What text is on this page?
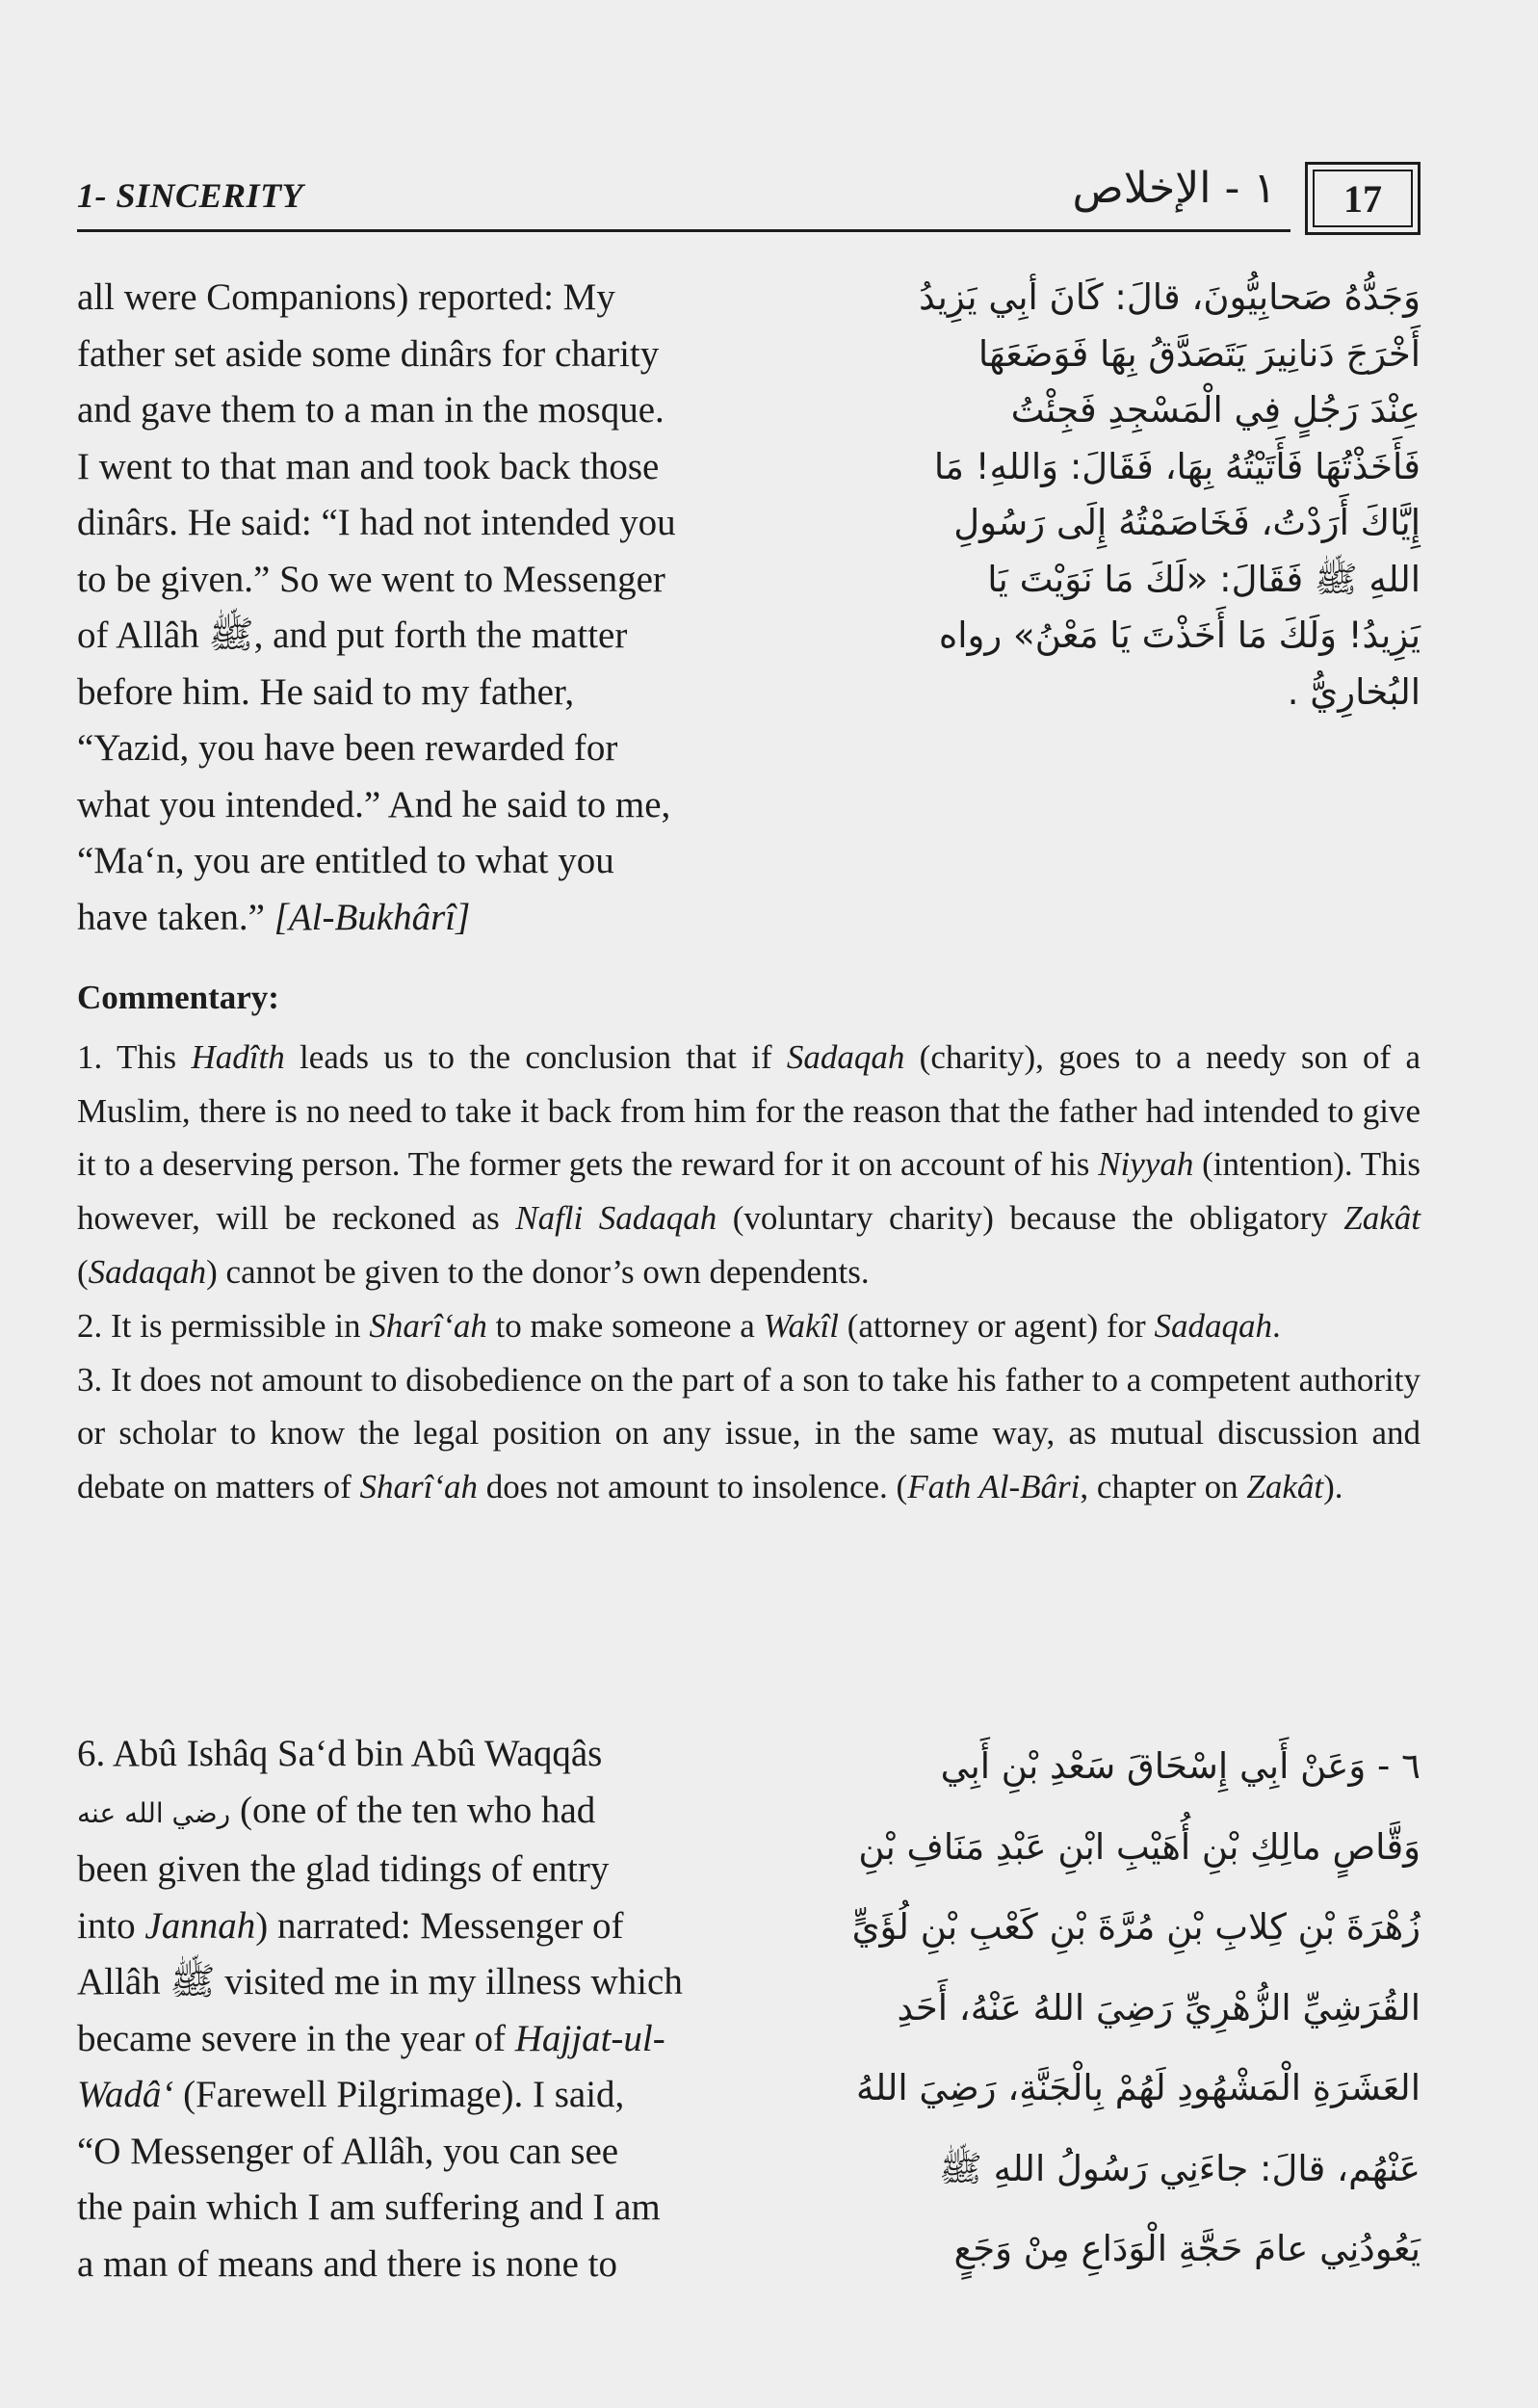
1- SINCERITY	١ - الإخلاص	17

all were Companions) reported: My

father set aside some dinârs for charity

and gave them to a man in the mosque.

I went to that man and took back those

dinârs. He said: “I had not intended you

to be given.” So we went to Messenger

of Allâh ﷺ, and put forth the matter

before him. He said to my father,

“Yazid, you have been rewarded for

what you intended.” And he said to me,

“Ma‘n, you are entitled to what you

have taken.” [Al-Bukhârî]

وَجَدُّهُ صَحابِيُّونَ، قالَ: كَانَ أبِي يَزِيدُ
أَخْرَجَ دَنانِيرَ يَتَصَدَّقُ بِهَا فَوَضَعَهَا
عِنْدَ رَجُلٍ فِي الْمَسْجِدِ فَجِئْتُ
فَأَخَذْتُهَا فَأَتَيْتُهُ بِهَا، فَقَالَ: وَاللهِ! مَا
إِيَّاكَ أَرَدْتُ، فَخَاصَمْتُهُ إِلَى رَسُولِ
اللهِ ﷺ فَقَالَ: «لَكَ مَا نَوَيْتَ يَا
يَزِيدُ! وَلَكَ مَا أَخَذْتَ يَا مَعْنُ» رواه
البُخارِيُّ .

Commentary:

1. This Hadîth leads us to the conclusion that if Sadaqah (charity), goes to a needy son of a Muslim, there is no need to take it back from him for the reason that the father had intended to give it to a deserving person. The former gets the reward for it on account of his Niyyah (intention). This however, will be reckoned as Nafli Sadaqah (voluntary charity) because the obligatory Zakât (Sadaqah) cannot be given to the donor’s own dependents.

2. It is permissible in Sharî‘ah to make someone a Wakîl (attorney or agent) for Sadaqah.

3. It does not amount to disobedience on the part of a son to take his father to a competent authority or scholar to know the legal position on any issue, in the same way, as mutual discussion and debate on matters of Sharî‘ah does not amount to insolence. (Fath Al-Bâri, chapter on Zakât).

6. Abû Ishâq Sa‘d bin Abû Waqqâs

رضي الله عنه (one of the ten who had

been given the glad tidings of entry

into Jannah) narrated: Messenger of

Allâh ﷺ visited me in my illness which

became severe in the year of Hajjat-ul-

Wadâ‘ (Farewell Pilgrimage). I said,

“O Messenger of Allâh, you can see

the pain which I am suffering and I am

a man of means and there is none to

٦ - وَعَنْ أَبِي إِسْحَاقَ سَعْدِ بْنِ أَبِي
وَقَّاصٍ مالِكِ بْنِ أُهَيْبِ ابْنِ عَبْدِ مَنَافِ بْنِ
زُهْرَةَ بْنِ كِلابِ بْنِ مُرَّةَ بْنِ كَعْبِ بْنِ لُؤَيٍّ
القُرَشِيِّ الزُّهْرِيِّ رَضِيَ اللهُ عَنْهُ، أَحَدِ
العَشَرَةِ الْمَشْهُودِ لَهُمْ بِالْجَنَّةِ، رَضِيَ اللهُ
عَنْهُم، قالَ: جاءَنِي رَسُولُ اللهِ ﷺ
يَعُودُنِي عامَ حَجَّةِ الْوَدَاعِ مِنْ وَجَعٍ
